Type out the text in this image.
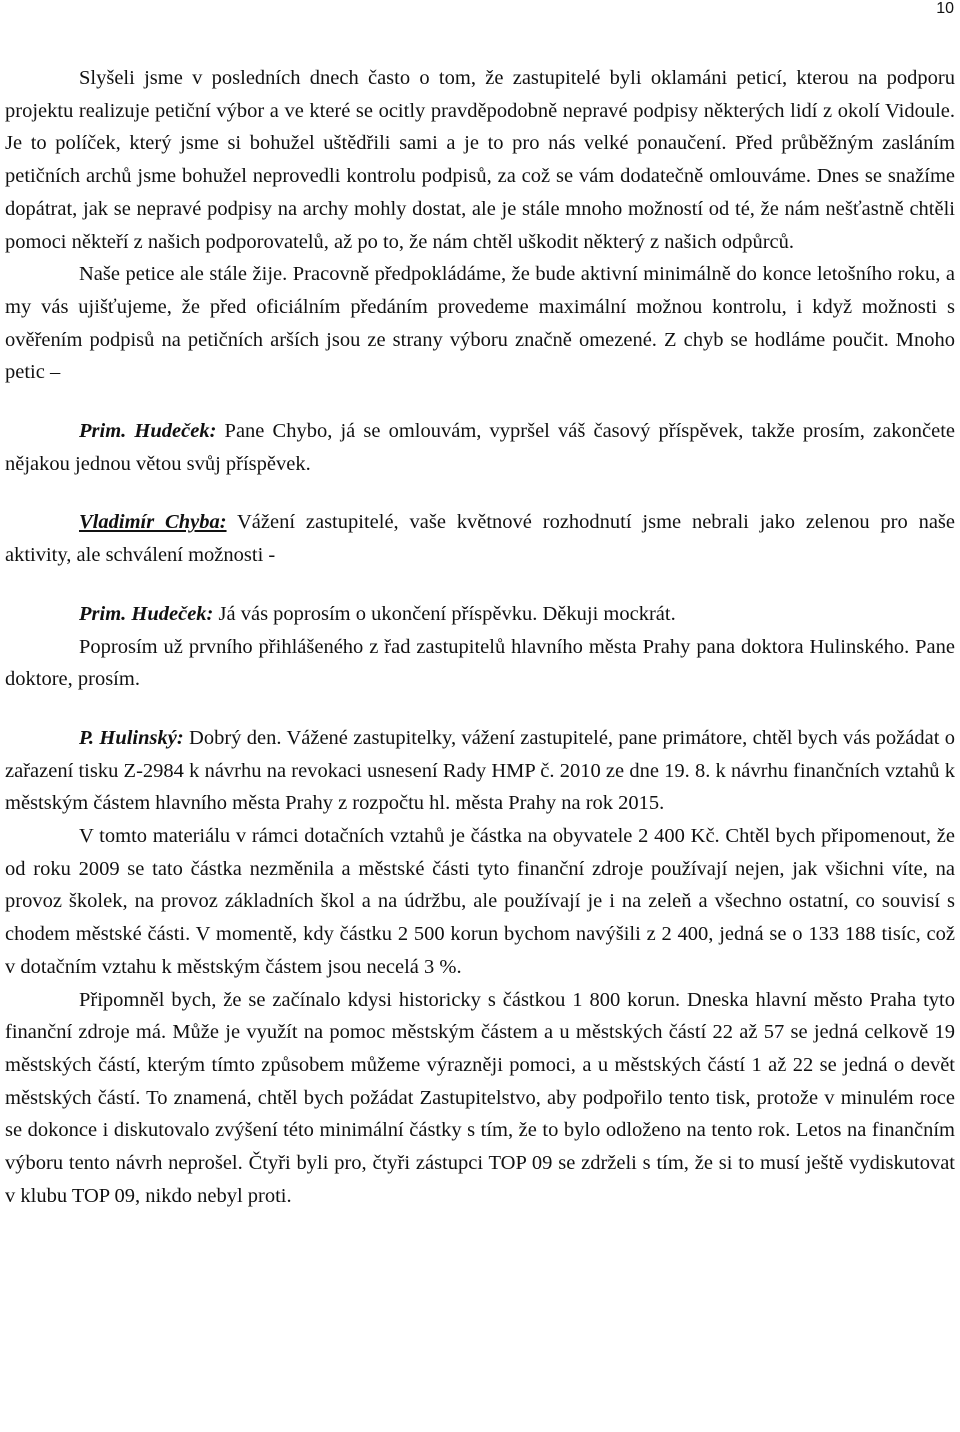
10

Slyšeli jsme v posledních dnech často o tom, že zastupitelé byli oklamáni peticí, kterou na podporu projektu realizuje petiční výbor a ve které se ocitly pravděpodobně nepravé podpisy některých lidí z okolí Vidoule. Je to políček, který jsme si bohužel uštědřili sami a je to pro nás velké ponaučení. Před průběžným zasláním petičních archů jsme bohužel neprovedli kontrolu podpisů, za což se vám dodatečně omlouváme. Dnes se snažíme dopátrat, jak se nepravé podpisy na archy mohly dostat, ale je stále mnoho možností od té, že nám nešťastně chtěli pomoci někteří z našich podporovatelů, až po to, že nám chtěl uškodit některý z našich odpůrců.

Naše petice ale stále žije. Pracovně předpokládáme, že bude aktivní minimálně do konce letošního roku, a my vás ujišťujeme, že před oficiálním předáním provedeme maximální možnou kontrolu, i když možnosti s ověřením podpisů na petičních arších jsou ze strany výboru značně omezené. Z chyb se hodláme poučit. Mnoho petic –

Prim. Hudeček: Pane Chybo, já se omlouvám, vypršel váš časový příspěvek, takže prosím, zakončete nějakou jednou větou svůj příspěvek.

Vladimír Chyba: Vážení zastupitelé, vaše květnové rozhodnutí jsme nebrali jako zelenou pro naše aktivity, ale schválení možnosti -

Prim. Hudeček: Já vás poprosím o ukončení příspěvku. Děkuji mockrát.

Poprosím už prvního přihlášeného z řad zastupitelů hlavního města Prahy pana doktora Hulinského. Pane doktore, prosím.

P. Hulinský: Dobrý den. Vážené zastupitelky, vážení zastupitelé, pane primátore, chtěl bych vás požádat o zařazení tisku Z-2984 k návrhu na revokaci usnesení Rady HMP č. 2010 ze dne 19. 8. k návrhu finančních vztahů k městským částem hlavního města Prahy z rozpočtu hl. města Prahy na rok 2015.

V tomto materiálu v rámci dotačních vztahů je částka na obyvatele 2 400 Kč. Chtěl bych připomenout, že od roku 2009 se tato částka nezměnila a městské části tyto finanční zdroje používají nejen, jak všichni víte, na provoz školek, na provoz základních škol a na údržbu, ale používají je i na zeleň a všechno ostatní, co souvisí s chodem městské části. V momentě, kdy částku 2 500 korun bychom navýšili z 2 400, jedná se o 133 188 tisíc, což v dotačním vztahu k městským částem jsou necelá 3 %.

Připomněl bych, že se začínalo kdysi historicky s částkou 1 800 korun. Dneska hlavní město Praha tyto finanční zdroje má. Může je využít na pomoc městským částem a u městských částí 22 až 57 se jedná celkově 19 městských částí, kterým tímto způsobem můžeme výrazněji pomoci, a u městských částí 1 až 22 se jedná o devět městských částí. To znamená, chtěl bych požádat Zastupitelstvo, aby podpořilo tento tisk, protože v minulém roce se dokonce i diskutovalo zvýšení této minimální částky s tím, že to bylo odloženo na tento rok. Letos na finančním výboru tento návrh neprošel. Čtyři byli pro, čtyři zástupci TOP 09 se zdrželi s tím, že si to musí ještě vydiskutovat v klubu TOP 09, nikdo nebyl proti.
